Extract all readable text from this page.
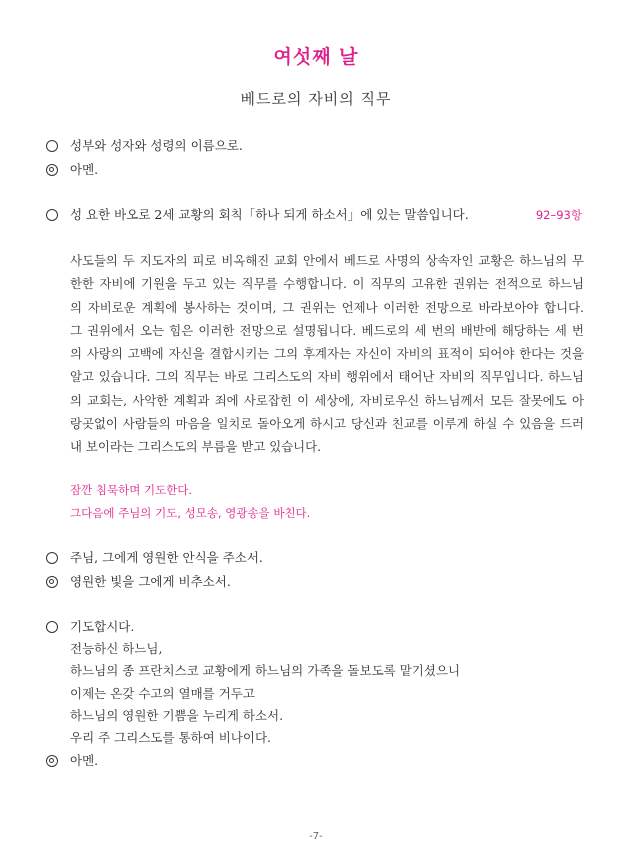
여섯째 날
베드로의 자비의 직무
성부와 성자와 성령의 이름으로.
아멘.
성 요한 바오로 2세 교황의 회칙「하나 되게 하소서」에 있는 말씀입니다.	92–93항
사도들의 두 지도자의 피로 비옥해진 교회 안에서 베드로 사명의 상속자인 교황은 하느님의 무
한한 자비에 기원을 두고 있는 직무를 수행합니다. 이 직무의 고유한 권위는 전적으로 하느님
의 자비로운 계획에 봉사하는 것이며, 그 권위는 언제나 이러한 전망으로 바라보아야 합니다.
그 권위에서 오는 힘은 이러한 전망으로 설명됩니다. 베드로의 세 번의 배반에 해당하는 세 번
의 사랑의 고백에 자신을 결합시키는 그의 후계자는 자신이 자비의 표적이 되어야 한다는 것을
알고 있습니다. 그의 직무는 바로 그리스도의 자비 행위에서 태어난 자비의 직무입니다. 하느님
의 교회는, 사악한 계획과 죄에 사로잡힌 이 세상에, 자비로우신 하느님께서 모든 잘못에도 아
랑곳없이 사람들의 마음을 일치로 돌아오게 하시고 당신과 친교를 이루게 하실 수 있음을 드러
내 보이라는 그리스도의 부름을 받고 있습니다.
잠깐 침묵하며 기도한다.
그다음에 주님의 기도, 성모송, 영광송을 바친다.
주님, 그에게 영원한 안식을 주소서.
영원한 빛을 그에게 비추소서.
기도합시다.
전능하신 하느님,
하느님의 종 프란치스코 교황에게 하느님의 가족을 돌보도록 맡기셨으니
이제는 온갖 수고의 열매를 거두고
하느님의 영원한 기쁨을 누리게 하소서.
우리 주 그리스도를 통하여 비나이다.
아멘.
-7-
